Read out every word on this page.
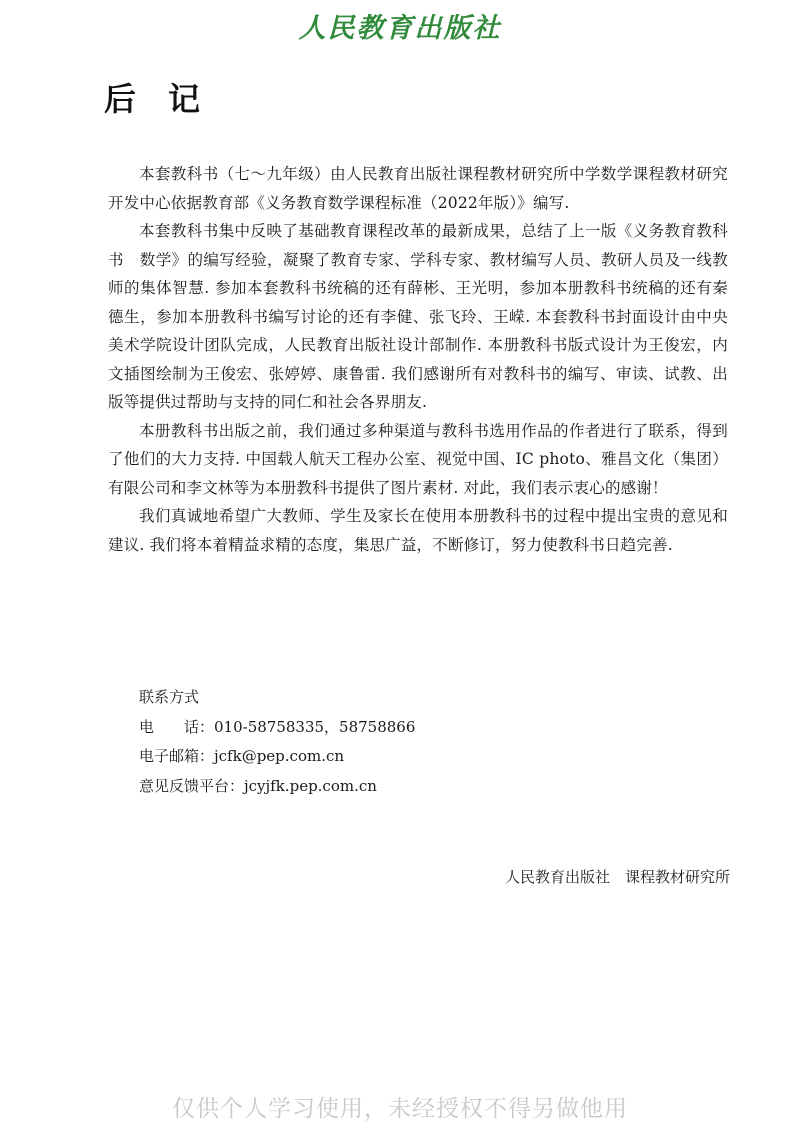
人民教育出版社
后记

本套教科书（七～九年级）由人民教育出版社课程教材研究所中学数学课程教材研究开发中心依据教育部《义务教育数学课程标准（2022年版）》编写.

本套教科书集中反映了基础教育课程改革的最新成果，总结了上一版《义务教育教科书　数学》的编写经验，凝聚了教育专家、学科专家、教材编写人员、教研人员及一线教师的集体智慧. 参加本套教科书统稿的还有薛彬、王光明，参加本册教科书统稿的还有秦德生，参加本册教科书编写讨论的还有李健、张飞玲、王嵘. 本套教科书封面设计由中央美术学院设计团队完成，人民教育出版社设计部制作. 本册教科书版式设计为王俊宏，内文插图绘制为王俊宏、张婷婷、康鲁雷. 我们感谢所有对教科书的编写、审读、试教、出版等提供过帮助与支持的同仁和社会各界朋友.

本册教科书出版之前，我们通过多种渠道与教科书选用作品的作者进行了联系，得到了他们的大力支持. 中国载人航天工程办公室、视觉中国、IC photo、雅昌文化（集团）有限公司和李文林等为本册教科书提供了图片素材. 对此，我们表示衷心的感谢！

我们真诚地希望广大教师、学生及家长在使用本册教科书的过程中提出宝贵的意见和建议. 我们将本着精益求精的态度，集思广益，不断修订，努力使教科书日趋完善.

联系方式
电　　话：010-58758335，58758866
电子邮箱：jcfk@pep.com.cn
意见反馈平台：jcyjfk.pep.com.cn
人民教育出版社　课程教材研究所
仅供个人学习使用，未经授权不得另做他用
